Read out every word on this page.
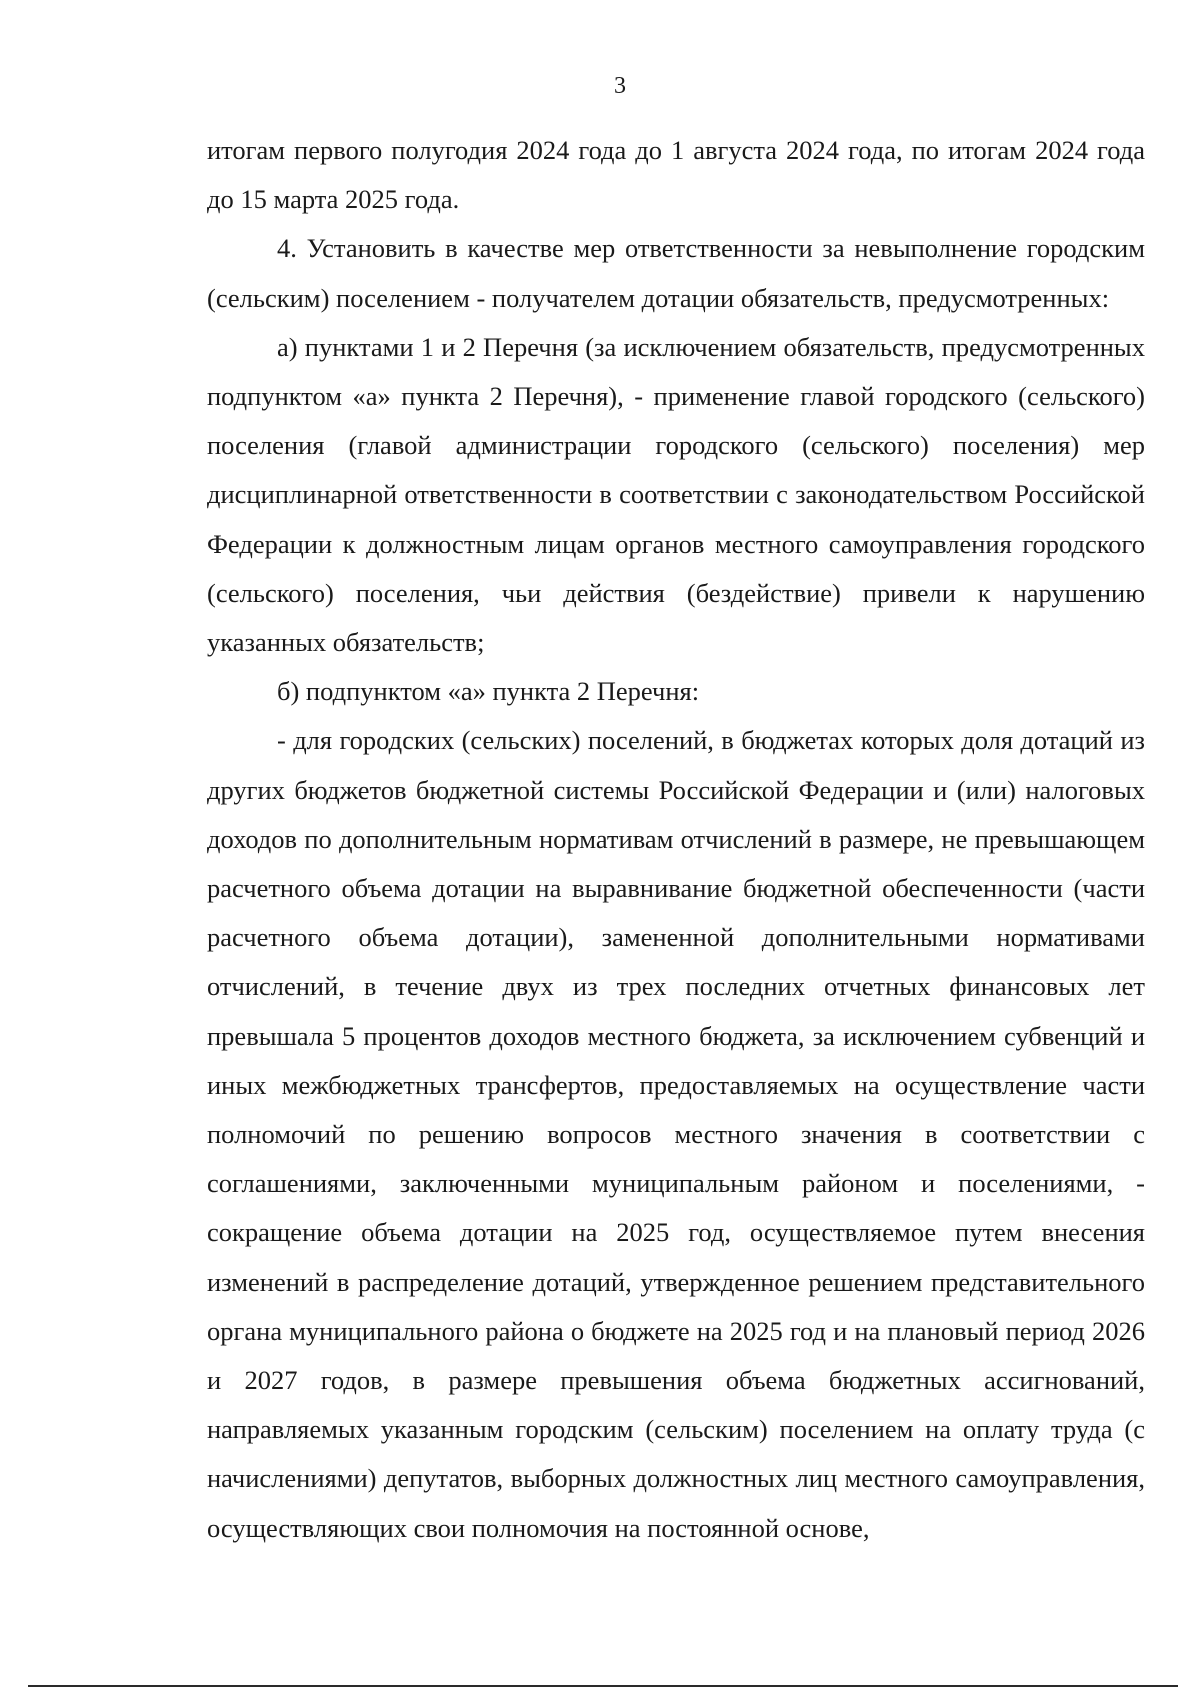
3

итогам первого полугодия 2024 года до 1 августа 2024 года, по итогам 2024 года до 15 марта 2025 года.

4. Установить в качестве мер ответственности за невыполнение городским (сельским) поселением - получателем дотации обязательств, предусмотренных:

а) пунктами 1 и 2 Перечня (за исключением обязательств, предусмотренных подпунктом «а» пункта 2 Перечня), - применение главой городского (сельского) поселения (главой администрации городского (сельского) поселения) мер дисциплинарной ответственности в соответствии с законодательством Российской Федерации к должностным лицам органов местного самоуправления городского (сельского) поселения, чьи действия (бездействие) привели к нарушению указанных обязательств;

б) подпунктом «а» пункта 2 Перечня:

- для городских (сельских) поселений, в бюджетах которых доля дотаций из других бюджетов бюджетной системы Российской Федерации и (или) налоговых доходов по дополнительным нормативам отчислений в размере, не превышающем расчетного объема дотации на выравнивание бюджетной обеспеченности (части расчетного объема дотации), замененной дополнительными нормативами отчислений, в течение двух из трех последних отчетных финансовых лет превышала 5 процентов доходов местного бюджета, за исключением субвенций и иных межбюджетных трансфертов, предоставляемых на осуществление части полномочий по решению вопросов местного значения в соответствии с соглашениями, заключенными муниципальным районом и поселениями, - сокращение объема дотации на 2025 год, осуществляемое путем внесения изменений в распределение дотаций, утвержденное решением представительного органа муниципального района о бюджете на 2025 год и на плановый период 2026 и 2027 годов, в размере превышения объема бюджетных ассигнований, направляемых указанным городским (сельским) поселением на оплату труда (с начислениями) депутатов, выборных должностных лиц местного самоуправления, осуществляющих свои полномочия на постоянной основе,
